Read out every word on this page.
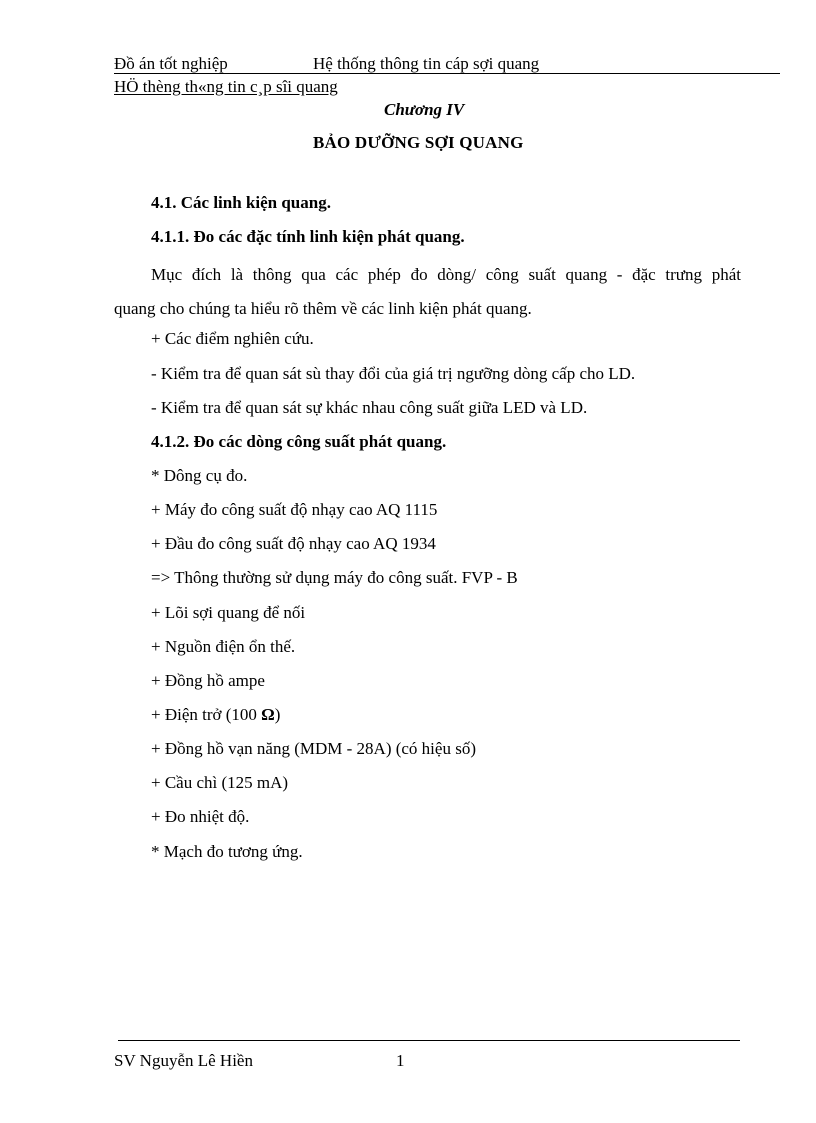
Đồ án tốt nghiệp	Hệ thống thông tin cáp sợi quang
HÖ thèng th«ng tin c¸p sîi quang
Chương IV
BẢO DƯỠNG SỢI QUANG
4.1. Các linh kiện quang.
4.1.1. Đo các đặc tính linh kiện phát quang.
Mục đích là thông qua các phép đo dòng/ công suất quang - đặc trưng phát
quang cho chúng ta hiểu rõ thêm về các linh kiện phát quang.
+ Các điểm nghiên cứu.
- Kiểm tra để quan sát sù thay đổi của giá trị ngưỡng dòng cấp cho LD.
- Kiểm tra để quan sát sự khác nhau công suất giữa LED và LD.
4.1.2. Đo các dòng công suất phát quang.
* Dông cụ đo.
+ Máy đo công suất độ nhạy cao AQ 1115
+ Đầu đo công suất độ nhạy cao AQ 1934
=> Thông thường sử dụng máy đo công suất. FVP - B
+ Lõi sợi quang để nối
+ Nguồn điện ổn thế.
+ Đồng hồ ampe
+ Điện trở (100 Ω)
+ Đồng hồ vạn năng (MDM - 28A) (có hiệu số)
+ Cầu chì (125 mA)
+ Đo nhiệt độ.
* Mạch đo tương ứng.
SV Nguyễn Lê Hiền	1
